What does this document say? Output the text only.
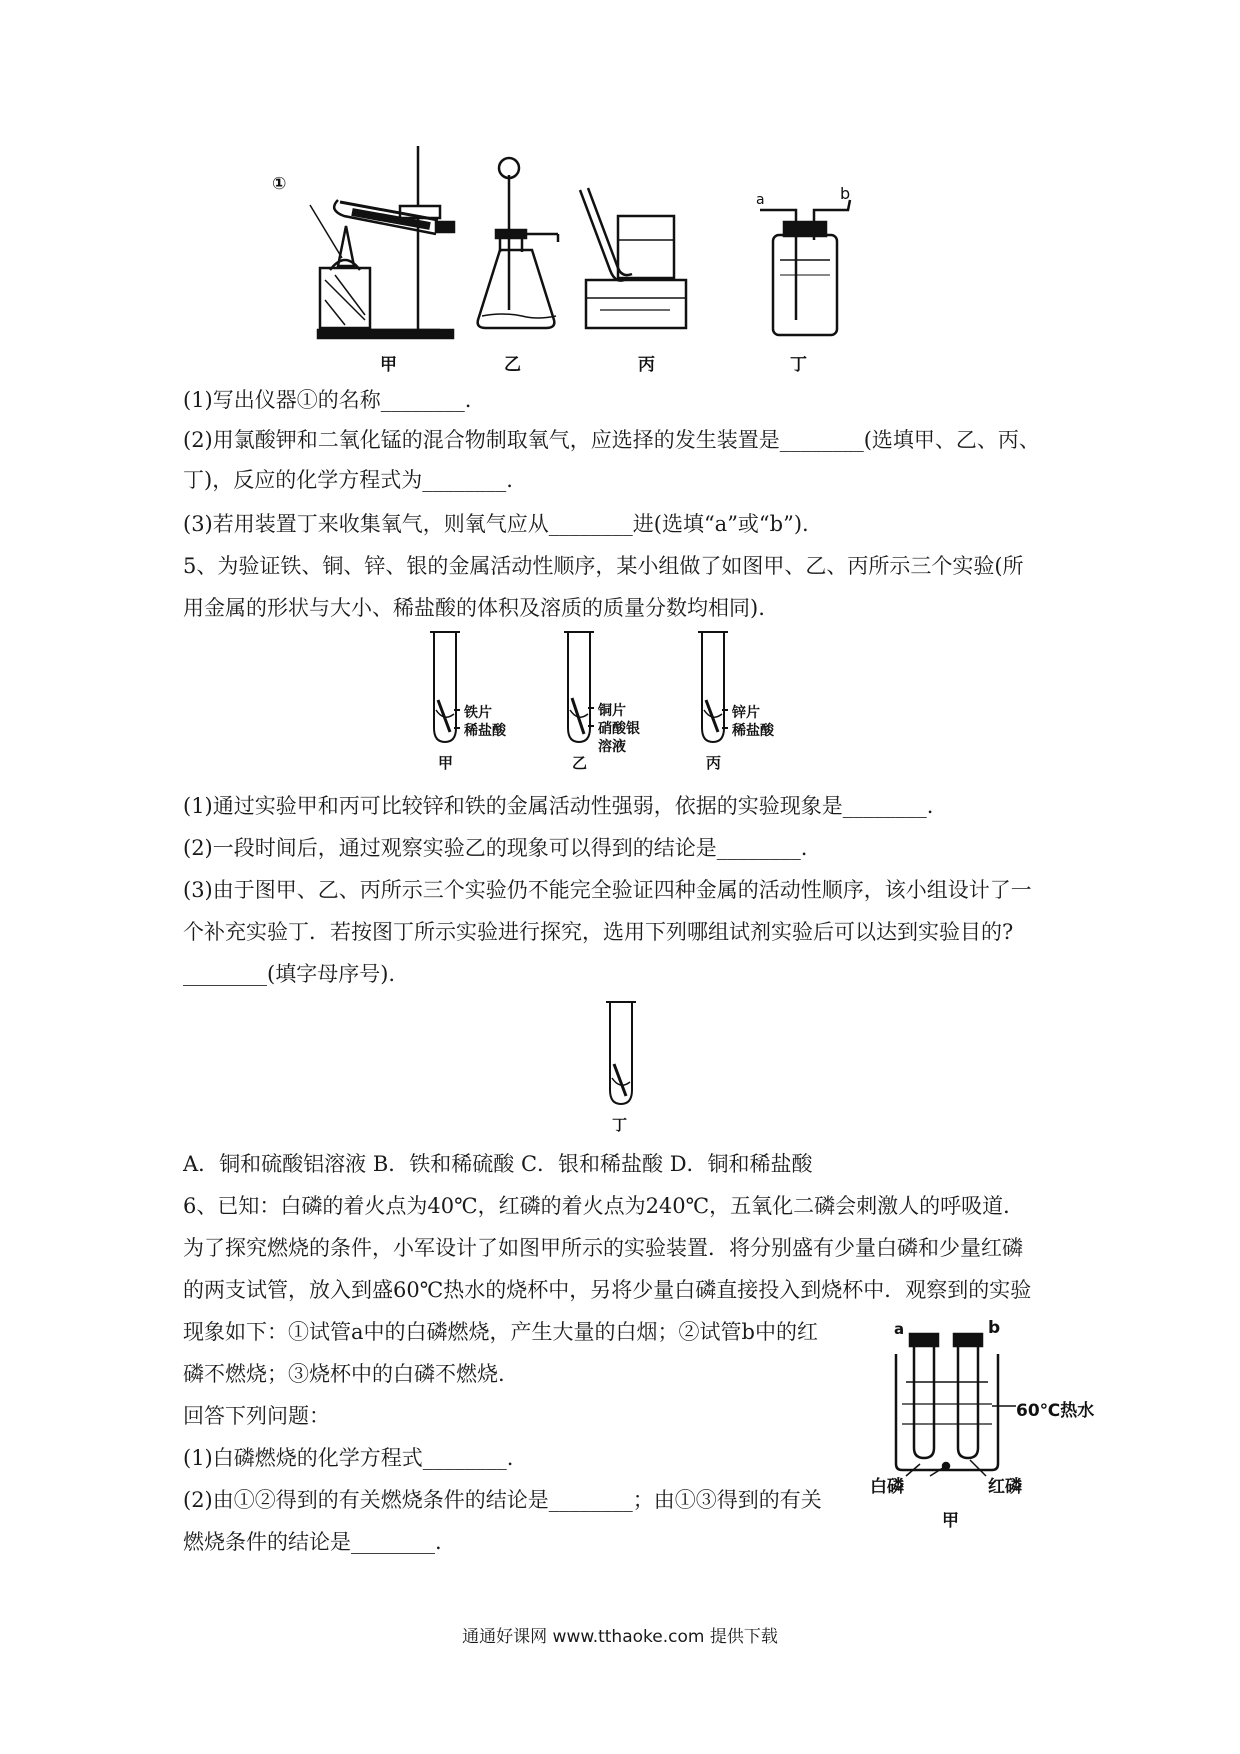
①
a	b
甲	乙	丙	丁
(1)写出仪器①的名称________.
(2)用氯酸钾和二氧化锰的混合物制取氧气，应选择的发生装置是________(选填甲、乙、丙、
丁)，反应的化学方程式为________.
(3)若用装置丁来收集氧气，则氧气应从________进(选填“a”或“b”).
5、为验证铁、铜、锌、银的金属活动性顺序，某小组做了如图甲、乙、丙所示三个实验(所
用金属的形状与大小、稀盐酸的体积及溶质的质量分数均相同).
铁片
稀盐酸
甲
铜片
硝酸银
溶液
乙
锌片
稀盐酸
丙
(1)通过实验甲和丙可比较锌和铁的金属活动性强弱，依据的实验现象是________.
(2)一段时间后，通过观察实验乙的现象可以得到的结论是________.
(3)由于图甲、乙、丙所示三个实验仍不能完全验证四种金属的活动性顺序，该小组设计了一
个补充实验丁．若按图丁所示实验进行探究，选用下列哪组试剂实验后可以达到实验目的?
________(填字母序号).
丁
A．铜和硫酸铝溶液 B．铁和稀硫酸 C．银和稀盐酸 D．铜和稀盐酸
6、已知：白磷的着火点为40℃，红磷的着火点为240℃，五氧化二磷会刺激人的呼吸道．
为了探究燃烧的条件，小军设计了如图甲所示的实验装置．将分别盛有少量白磷和少量红磷
的两支试管，放入到盛60℃热水的烧杯中，另将少量白磷直接投入到烧杯中．观察到的实验
现象如下：①试管a中的白磷燃烧，产生大量的白烟；②试管b中的红
磷不燃烧；③烧杯中的白磷不燃烧.
回答下列问题：
(1)白磷燃烧的化学方程式________.
(2)由①②得到的有关燃烧条件的结论是________；由①③得到的有关
燃烧条件的结论是________.
a	b
60℃热水
白磷	红磷
甲
通通好课网 www.tthaoke.com 提供下载
